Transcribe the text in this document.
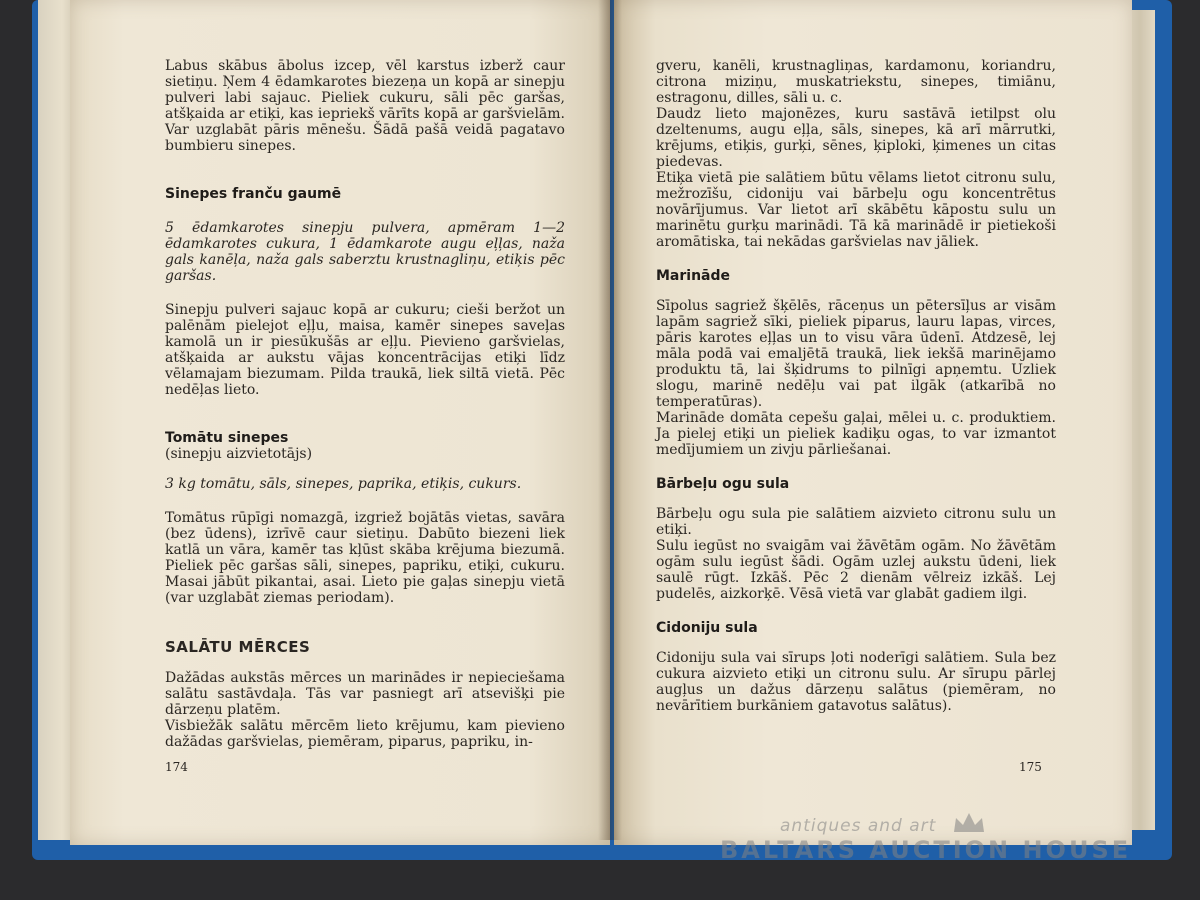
Labus skābus ābolus izcep, vēl karstus izberž caur sietiņu. Ņem 4 ēdamkarotes biezeņa un kopā ar sinepju pulveri labi sajauc. Pieliek cukuru, sāli pēc garšas, atšķaida ar etiķi, kas iepriekš vārīts kopā ar garšvielām. Var uzglabāt pāris mēnešu. Šādā pašā veidā pagatavo bumbieru sinepes.

Sinepes franču gaumē

5 ēdamkarotes sinepju pulvera, apmēram 1—2 ēdamkarotes cukura, 1 ēdamkarote augu eļļas, naža gals kanēļa, naža gals saberztu krustnagliņu, etiķis pēc garšas.

Sinepju pulveri sajauc kopā ar cukuru; cieši beržot un palēnām pielejot eļļu, maisa, kamēr sinepes saveļas kamolā un ir piesūkušās ar eļļu. Pievieno garšvielas, atšķaida ar aukstu vājas koncentrācijas etiķi līdz vēlamajam biezumam. Pilda traukā, liek siltā vietā. Pēc nedēļas lieto.

Tomātu sinepes

(sinepju aizvietotājs)

3 kg tomātu, sāls, sinepes, paprika, etiķis, cukurs.

Tomātus rūpīgi nomazgā, izgriež bojātās vietas, savāra (bez ūdens), izrīvē caur sietiņu. Dabūto biezeni liek katlā un vāra, kamēr tas kļūst skāba krējuma biezumā. Pieliek pēc garšas sāli, sinepes, papriku, etiķi, cukuru. Masai jābūt pikantai, asai. Lieto pie gaļas sinepju vietā (var uzglabāt ziemas periodam).

SALĀTU MĒRCES

Dažādas aukstās mērces un marinādes ir nepieciešama salātu sastāvdaļa. Tās var pasniegt arī atsevišķi pie dārzeņu platēm.

Visbiežāk salātu mērcēm lieto krējumu, kam pievieno dažādas garšvielas, piemēram, piparus, papriku, in-

174

gveru, kanēli, krustnagliņas, kardamonu, koriandru, citrona miziņu, muskatriekstu, sinepes, timiānu, estragonu, dilles, sāli u. c.

Daudz lieto majonēzes, kuru sastāvā ietilpst olu dzeltenums, augu eļļa, sāls, sinepes, kā arī mārrutki, krējums, etiķis, gurķi, sēnes, ķiploki, ķimenes un citas piedevas.

Etiķa vietā pie salātiem būtu vēlams lietot citronu sulu, mežrozīšu, cidoniju vai bārbeļu ogu koncentrētus novārījumus. Var lietot arī skābētu kāpostu sulu un marinētu gurķu marinādi. Tā kā marinādē ir pietiekoši aromātiska, tai nekādas garšvielas nav jāliek.

Marināde

Sīpolus sagriež šķēlēs, rāceņus un pētersīļus ar visām lapām sagriež sīki, pieliek piparus, lauru lapas, virces, pāris karotes eļļas un to visu vāra ūdenī. Atdzesē, lej māla podā vai emaljētā traukā, liek iekšā marinējamo produktu tā, lai šķidrums to pilnīgi apņemtu. Uzliek slogu, marinē nedēļu vai pat ilgāk (atkarībā no temperatūras).

Marināde domāta cepešu gaļai, mēlei u. c. produktiem. Ja pielej etiķi un pieliek kadiķu ogas, to var izmantot medījumiem un zivju pārliešanai.

Bārbeļu ogu sula

Bārbeļu ogu sula pie salātiem aizvieto citronu sulu un etiķi.

Sulu iegūst no svaigām vai žāvētām ogām. No žāvētām ogām sulu iegūst šādi. Ogām uzlej aukstu ūdeni, liek saulē rūgt. Izkāš. Pēc 2 dienām vēlreiz izkāš. Lej pudelēs, aizkorķē. Vēsā vietā var glabāt gadiem ilgi.

Cidoniju sula

Cidoniju sula vai sīrups ļoti noderīgi salātiem. Sula bez cukura aizvieto etiķi un citronu sulu. Ar sīrupu pārlej augļus un dažus dārzeņu salātus (piemēram, no nevārītiem burkāniem gatavotus salātus).

175
antiques and art
BALTARS AUCTION HOUSE
